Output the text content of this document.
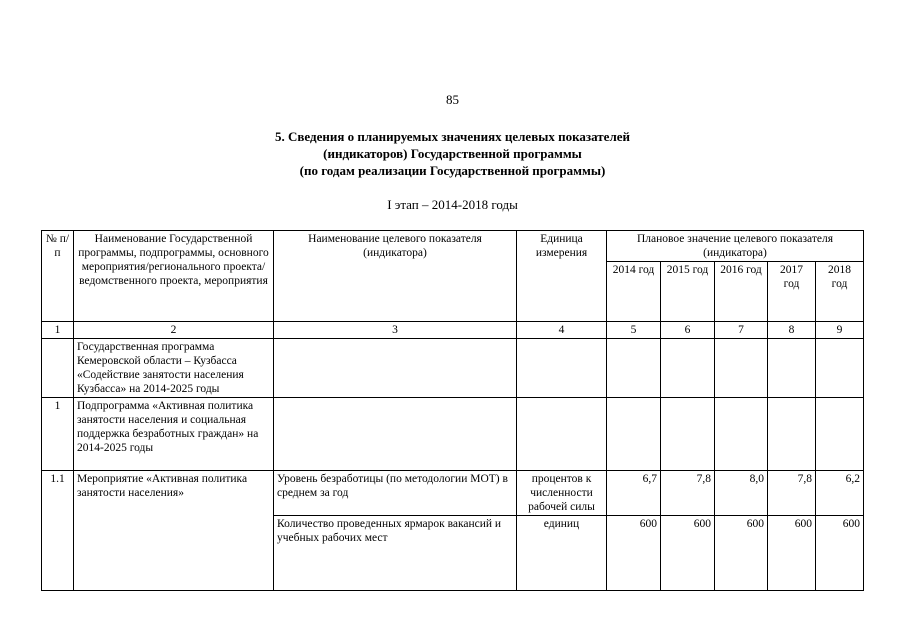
85
5. Сведения о планируемых значениях целевых показателей
(индикаторов) Государственной программы
(по годам реализации Государственной программы)
I этап – 2014-2018 годы
№ п/п	Наименование Государственной программы, подпрограммы, основного мероприятия/регионального проекта/ведомственного проекта, мероприятия	Наименование целевого показателя (индикатора)	Единица измерения	Плановое значение целевого показателя (индикатора)				
				2014 год	2015 год	2016 год	2017 год	2018 год
1	2	3	4	5	6	7	8	9
	Государственная программа Кемеровской области – Кузбасса «Содействие занятости населения Кузбасса» на 2014-2025 годы							
1	Подпрограмма «Активная политика занятости населения и социальная поддержка безработных граждан» на 2014-2025 годы							
1.1	Мероприятие «Активная политика занятости населения»	Уровень безработицы (по методологии МОТ) в среднем за год	процентов к численности рабочей силы	6,7	7,8	8,0	7,8	6,2
		Количество проведенных ярмарок вакансий и учебных рабочих мест	единиц	600	600	600	600	600
